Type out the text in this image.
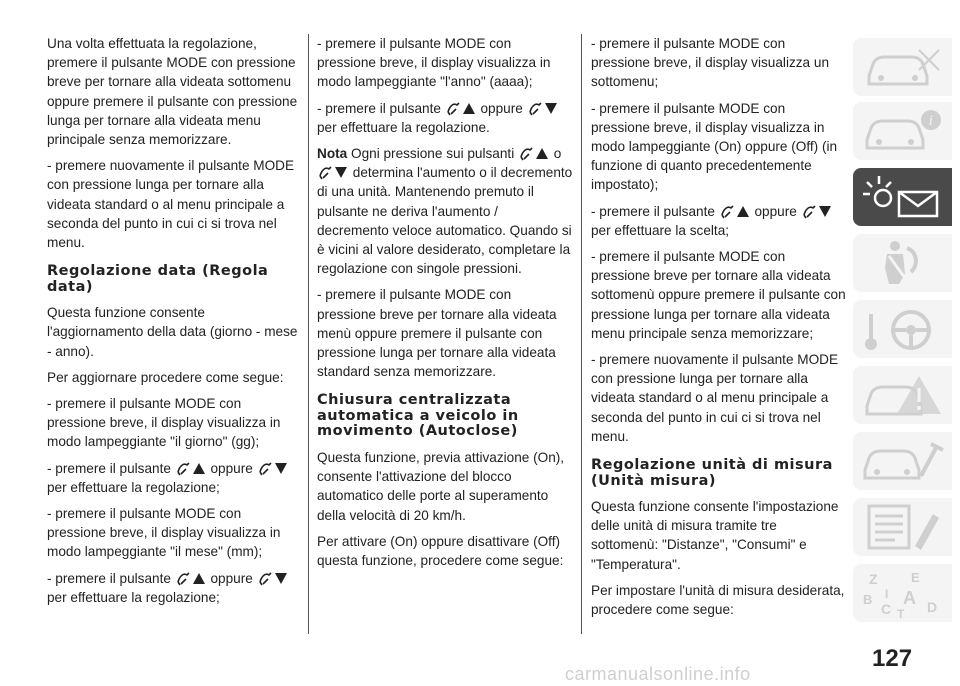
Una volta effettuata la regolazione, premere il pulsante MODE con pressione breve per tornare alla videata sottomenu oppure premere il pulsante con pressione lunga per tornare alla videata menu principale senza memorizzare.

- premere nuovamente il pulsante MODE con pressione lunga per tornare alla videata standard o al menu principale a seconda del punto in cui ci si trova nel menu.

Regolazione data (Regola data)

Questa funzione consente l'aggiornamento della data (giorno - mese - anno).

Per aggiornare procedere come segue:

- premere il pulsante MODE con pressione breve, il display visualizza in modo lampeggiante "il giorno" (gg);

- premere il pulsante	oppure  per effettuare la regolazione;

- premere il pulsante MODE con pressione breve, il display visualizza in modo lampeggiante "il mese" (mm);

- premere il pulsante	oppure  per effettuare la regolazione;

- premere il pulsante MODE con pressione breve, il display visualizza in modo lampeggiante "l'anno" (aaaa);

- premere il pulsante	oppure  per effettuare la regolazione.

Nota Ogni pressione sui pulsanti	o  determina l'aumento o il decremento di una unità. Mantenendo premuto il pulsante ne deriva l'aumento / decremento veloce automatico. Quando si è vicini al valore desiderato, completare la regolazione con singole pressioni.

- premere il pulsante MODE con pressione breve per tornare alla videata menù oppure premere il pulsante con pressione lunga per tornare alla videata standard senza memorizzare.

Chiusura centralizzata automatica a veicolo in movimento (Autoclose)

Questa funzione, previa attivazione (On), consente l'attivazione del blocco automatico delle porte al superamento della velocità di 20 km/h.

Per attivare (On) oppure disattivare (Off) questa funzione, procedere come segue:

- premere il pulsante MODE con pressione breve, il display visualizza un sottomenu;

- premere il pulsante MODE con pressione breve, il display visualizza in modo lampeggiante (On) oppure (Off) (in funzione di quanto precedentemente impostato);

- premere il pulsante	oppure  per effettuare la scelta;

- premere il pulsante MODE con pressione breve per tornare alla videata sottomenù oppure premere il pulsante con pressione lunga per tornare alla videata menu principale senza memorizzare;

- premere nuovamente il pulsante MODE con pressione lunga per tornare alla videata standard o al menu principale a seconda del punto in cui ci si trova nel menu.

Regolazione unità di misura (Unità misura)

Questa funzione consente l'impostazione delle unità di misura tramite tre sottomenù: "Distanze", "Consumi" e "Temperatura".

Per impostare l'unità di misura desiderata, procedere come segue:

i
Z	E
A
B
C T D
I
127
carmanualsonline.info
